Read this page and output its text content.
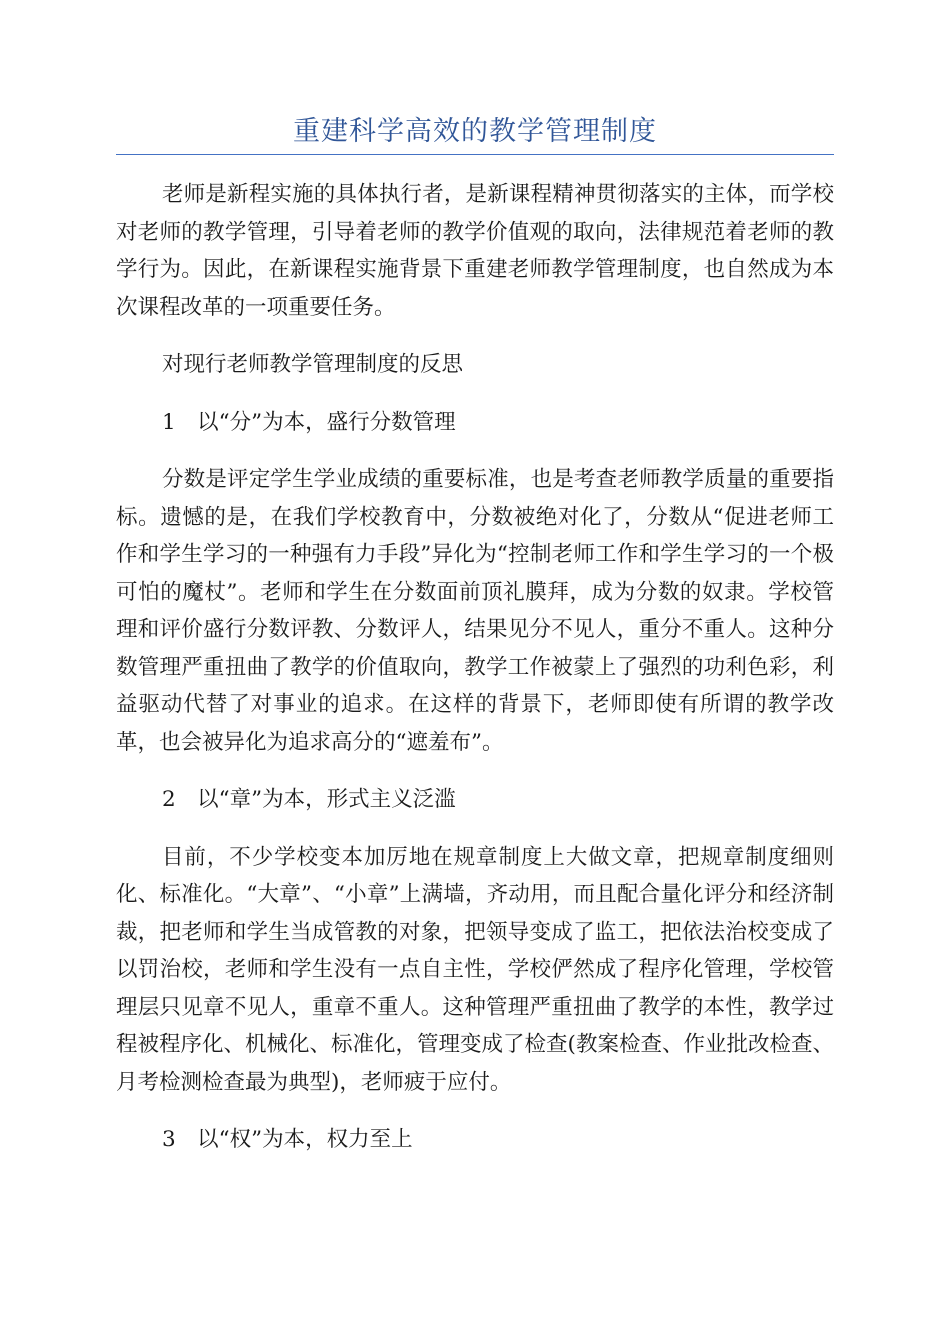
重建科学高效的教学管理制度

老师是新程实施的具体执行者，是新课程精神贯彻落实的主体，而学校对老师的教学管理，引导着老师的教学价值观的取向，法律规范着老师的教学行为。因此，在新课程实施背景下重建老师教学管理制度，也自然成为本次课程改革的一项重要任务。

对现行老师教学管理制度的反思

1　以“分”为本，盛行分数管理

分数是评定学生学业成绩的重要标准，也是考查老师教学质量的重要指标。遗憾的是，在我们学校教育中，分数被绝对化了，分数从“促进老师工作和学生学习的一种强有力手段”异化为“控制老师工作和学生学习的一个极可怕的魔杖”。老师和学生在分数面前顶礼膜拜，成为分数的奴隶。学校管理和评价盛行分数评教、分数评人，结果见分不见人，重分不重人。这种分数管理严重扭曲了教学的价值取向，教学工作被蒙上了强烈的功利色彩，利益驱动代替了对事业的追求。在这样的背景下，老师即使有所谓的教学改革，也会被异化为追求高分的“遮羞布”。

2　以“章”为本，形式主义泛滥

目前，不少学校变本加厉地在规章制度上大做文章，把规章制度细则化、标准化。“大章”、“小章”上满墙，齐动用，而且配合量化评分和经济制裁，把老师和学生当成管教的对象，把领导变成了监工，把依法治校变成了以罚治校，老师和学生没有一点自主性，学校俨然成了程序化管理，学校管理层只见章不见人，重章不重人。这种管理严重扭曲了教学的本性，教学过程被程序化、机械化、标准化，管理变成了检查(教案检查、作业批改检查、月考检测检查最为典型)，老师疲于应付。

3　以“权”为本，权力至上
